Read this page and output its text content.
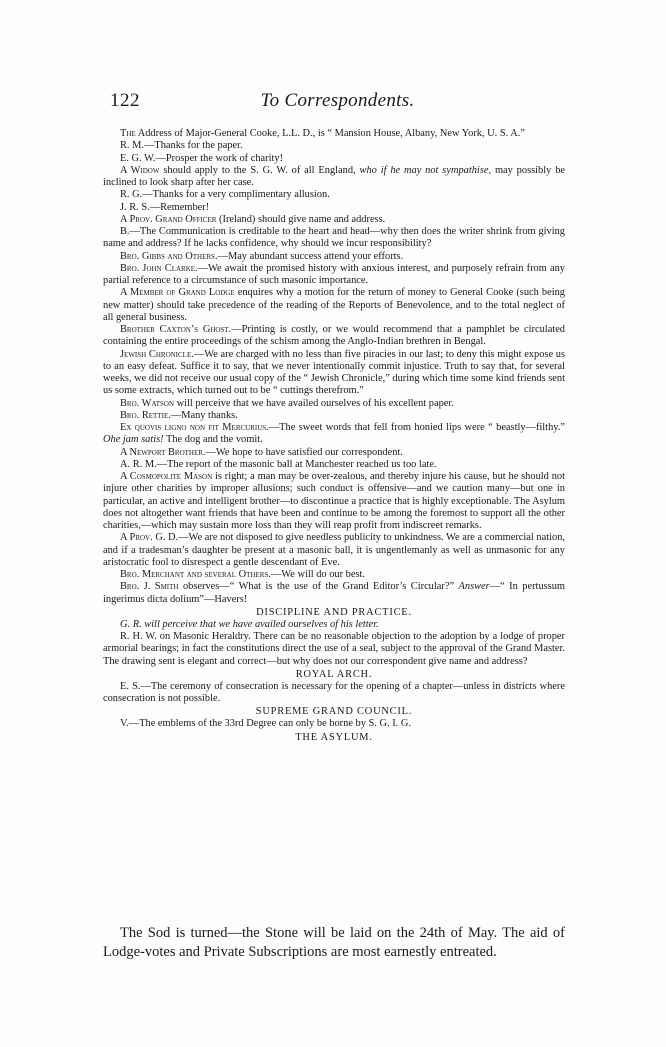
122	To Correspondents.

The Address of Major-General Cooke, L.L. D., is “ Mansion House, Albany, New York, U. S. A.”

R. M.—Thanks for the paper.

E. G. W.—Prosper the work of charity!

A Widow should apply to the S. G. W. of all England, who if he may not sympathise, may possibly be inclined to look sharp after her case.

R. G.—Thanks for a very complimentary allusion.

J. R. S.—Remember!

A Prov. Grand Officer (Ireland) should give name and address.

B.—The Communication is creditable to the heart and head—why then does the writer shrink from giving name and address? If he lacks confidence, why should we incur responsibility?

Bro. Gibbs and Others.—May abundant success attend your efforts.

Bro. John Clarke.—We await the promised history with anxious interest, and purposely refrain from any partial reference to a circumstance of such masonic importance.

A Member of Grand Lodge enquires why a motion for the return of money to General Cooke (such being new matter) should take precedence of the reading of the Reports of Benevolence, and to the total neglect of all general business.

Brother Caxton’s Ghost.—Printing is costly, or we would recommend that a pamphlet be circulated containing the entire proceedings of the schism among the Anglo-Indian brethren in Bengal.

Jewish Chronicle.—We are charged with no less than five piracies in our last; to deny this might expose us to an easy defeat. Suffice it to say, that we never intentionally commit injustice. Truth to say that, for several weeks, we did not receive our usual copy of the “ Jewish Chronicle,” during which time some kind friends sent us some extracts, which turned out to be “ cuttings therefrom.”

Bro. Watson will perceive that we have availed ourselves of his excellent paper.

Bro. Rettie.—Many thanks.

Ex quovis ligno non fit Mercurius.—The sweet words that fell from honied lips were “ beastly—filthy.” Ohe jam satis! The dog and the vomit.

A Newport Brother.—We hope to have satisfied our correspondent.

A. R. M.—The report of the masonic ball at Manchester reached us too late.

A Cosmopolite Mason is right; a man may be over-zealous, and thereby injure his cause, but he should not injure other charities by improper allusions; such conduct is offensive—and we caution many—but one in particular, an active and intelligent brother—to discontinue a practice that is highly exceptionable. The Asylum does not altogether want friends that have been and continue to be among the foremost to support all the other charities,—which may sustain more loss than they will reap profit from indiscreet remarks.

A Prov. G. D.—We are not disposed to give needless publicity to unkindness. We are a commercial nation, and if a tradesman’s daughter be present at a masonic ball, it is ungentlemanly as well as unmasonic for any aristocratic fool to disrespect a gentle descendant of Eve.

Bro. Merchant and several Others.—We will do our best.

Bro. J. Smith observes—“ What is the use of the Grand Editor’s Circular?” Answer—“ In pertussum ingerimus dicta dolium”—Havers!

DISCIPLINE AND PRACTICE.

G. R. will perceive that we have availed ourselves of his letter.

R. H. W. on Masonic Heraldry. There can be no reasonable objection to the adoption by a lodge of proper armorial bearings; in fact the constitutions direct the use of a seal, subject to the approval of the Grand Master. The drawing sent is elegant and correct—but why does not our correspondent give name and address?

ROYAL ARCH.

E. S.—The ceremony of consecration is necessary for the opening of a chapter—unless in districts where consecration is not possible.

SUPREME GRAND COUNCIL.

V.—The emblems of the 33rd Degree can only be borne by S. G. I. G.

THE ASYLUM.

The Sod is turned—the Stone will be laid on the 24th of May. The aid of Lodge-votes and Private Subscriptions are most earnestly entreated.
